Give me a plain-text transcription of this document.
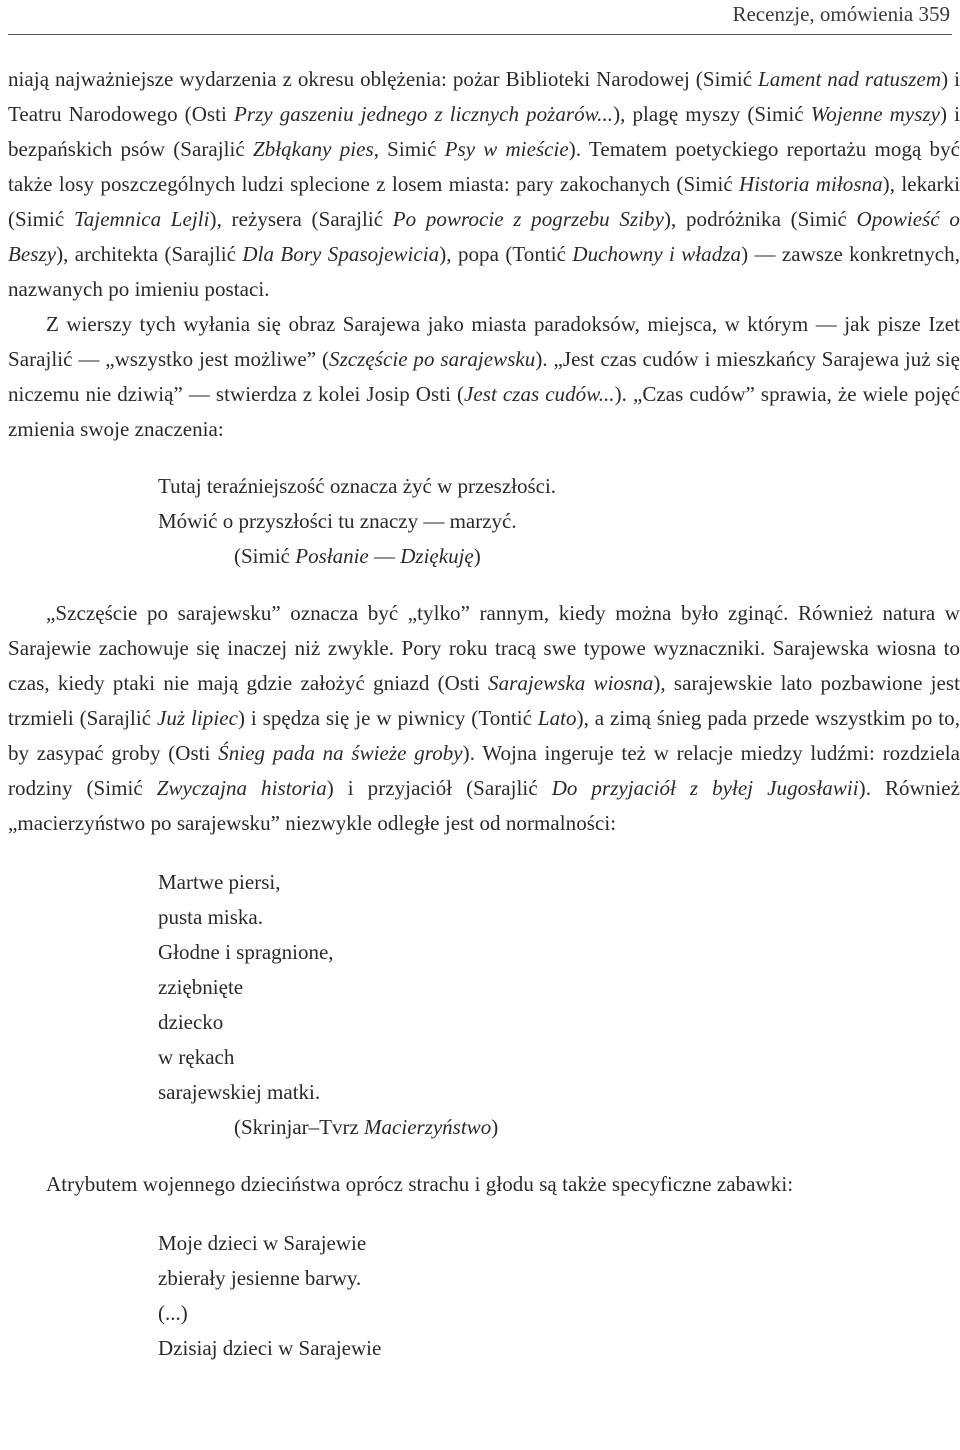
Recenzje, omówienia 359

niają najważniejsze wydarzenia z okresu oblężenia: pożar Biblioteki Narodowej (Simić Lament nad ratuszem) i Teatru Narodowego (Osti Przy gaszeniu jednego z licznych pożarów...), plagę myszy (Simić Wojenne myszy) i bezpańskich psów (Sarajlić Zbłąkany pies, Simić Psy w mieście). Tematem poetyckiego reportażu mogą być także losy poszczególnych ludzi splecione z losem miasta: pary zakochanych (Simić Historia miłosna), lekarki (Simić Tajemnica Lejli), reżysera (Sarajlić Po powrocie z pogrzebu Sziby), podróżnika (Simić Opowieść o Beszy), architekta (Sarajlić Dla Bory Spasojewicia), popa (Tontić Duchowny i władza) — zawsze konkretnych, nazwanych po imieniu postaci.

Z wierszy tych wyłania się obraz Sarajewa jako miasta paradoksów, miejsca, w którym — jak pisze Izet Sarajlić — „wszystko jest możliwe” (Szczęście po sarajewsku). „Jest czas cudów i mieszkańcy Sarajewa już się niczemu nie dziwią” — stwierdza z kolei Josip Osti (Jest czas cudów...). „Czas cudów” sprawia, że wiele pojęć zmienia swoje znaczenia:

Tutaj teraźniejszość oznacza żyć w przeszłości.
Mówić o przyszłości tu znaczy — marzyć.
(Simić Posłanie — Dziękuję)

„Szczęście po sarajewsku” oznacza być „tylko” rannym, kiedy można było zginąć. Również natura w Sarajewie zachowuje się inaczej niż zwykle. Pory roku tracą swe typowe wyznaczniki. Sarajewska wiosna to czas, kiedy ptaki nie mają gdzie założyć gniazd (Osti Sarajewska wiosna), sarajewskie lato pozbawione jest trzmieli (Sarajlić Już lipiec) i spędza się je w piwnicy (Tontić Lato), a zimą śnieg pada przede wszystkim po to, by zasypać groby (Osti Śnieg pada na świeże groby). Wojna ingeruje też w relacje miedzy ludźmi: rozdziela rodziny (Simić Zwyczajna historia) i przyjaciół (Sarajlić Do przyjaciół z byłej Jugosławii). Również „macierzyństwo po sarajewsku” niezwykle odległe jest od normalności:

Martwe piersi,
pusta miska.
Głodne i spragnione,
zziębnięte
dziecko
w rękach
sarajewskiej matki.
(Skrinjar–Tvrz Macierzyństwo)

Atrybutem wojennego dzieciństwa oprócz strachu i głodu są także specyficzne zabawki:

Moje dzieci w Sarajewie
zbierały jesienne barwy.
(...)
Dzisiaj dzieci w Sarajewie
